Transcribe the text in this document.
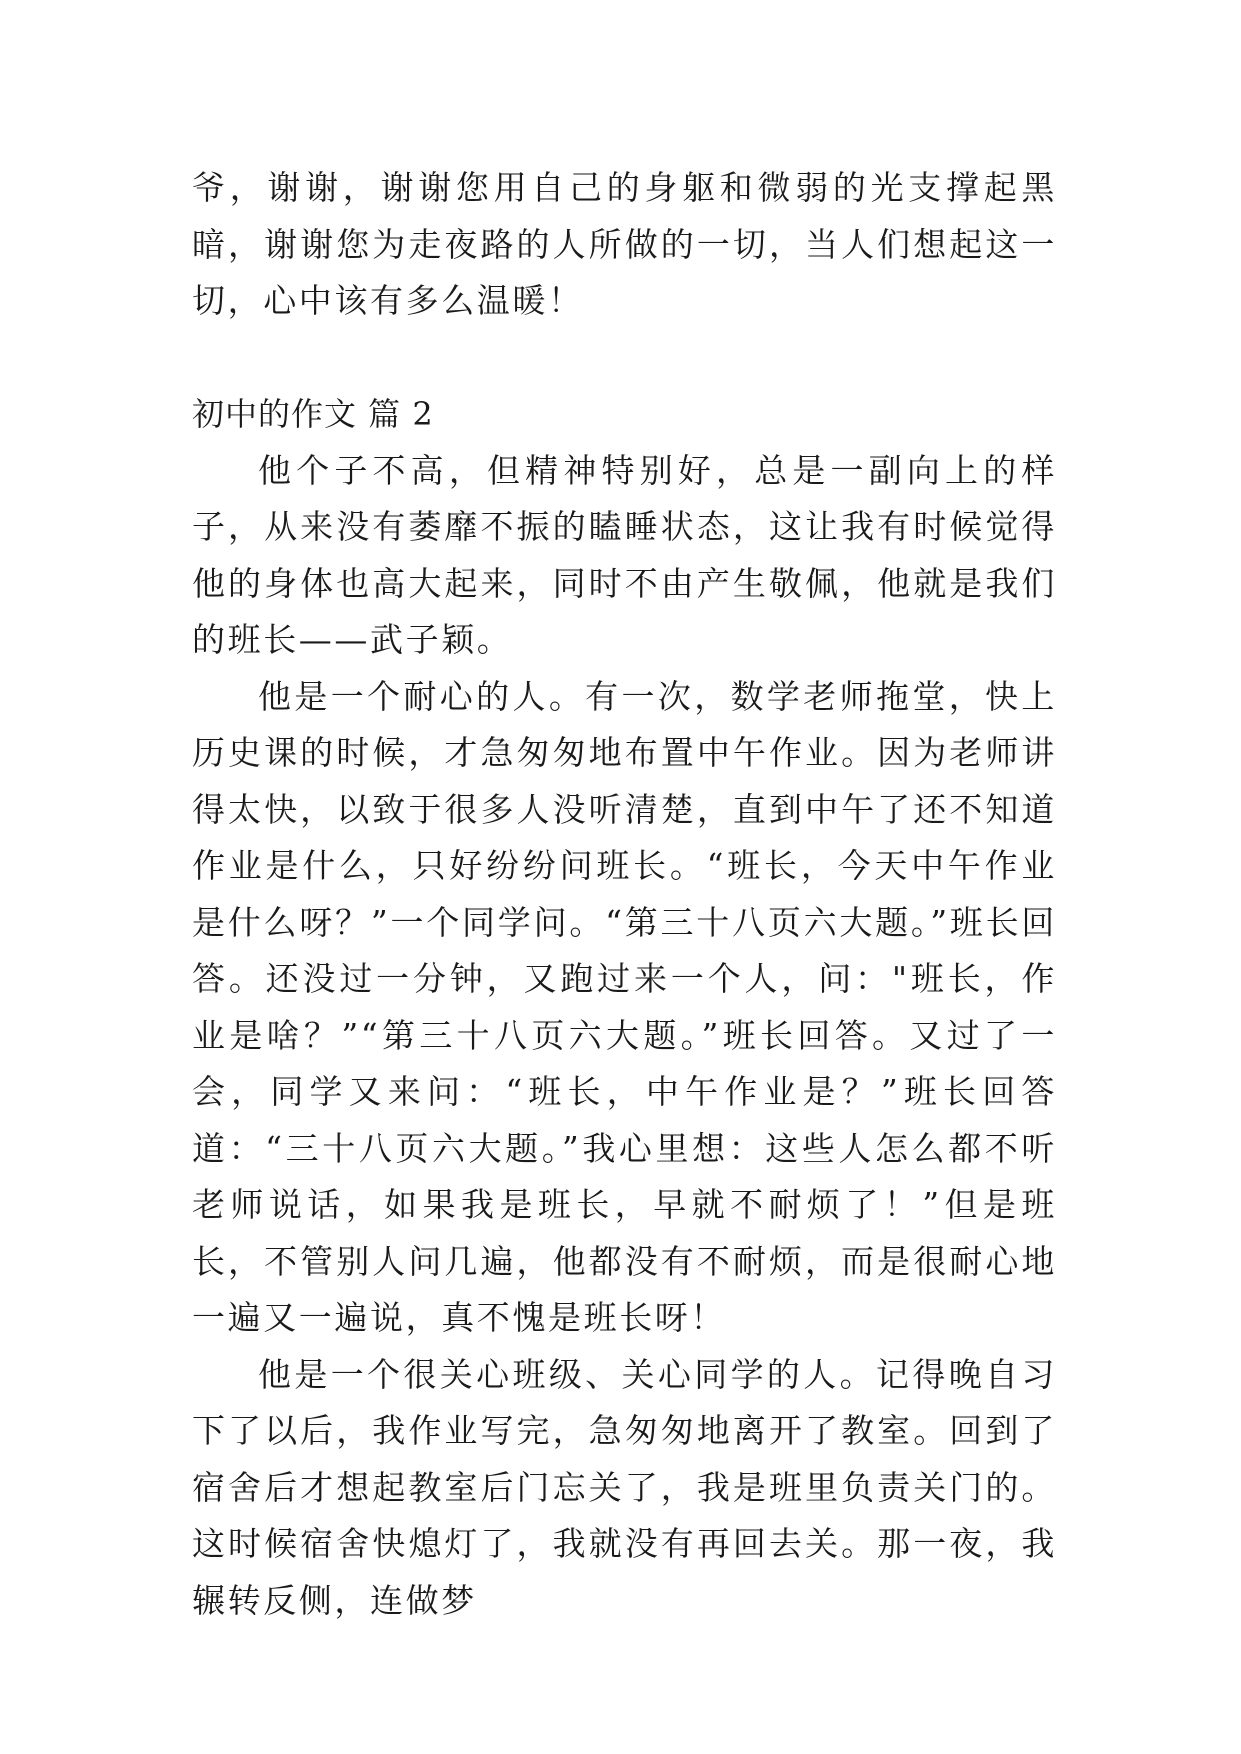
爷，谢谢，谢谢您用自己的身躯和微弱的光支撑起黑暗，谢谢您为走夜路的人所做的一切，当人们想起这一切，心中该有多么温暖！

初中的作文 篇 2

他个子不高，但精神特别好，总是一副向上的样子，从来没有萎靡不振的瞌睡状态，这让我有时候觉得他的身体也高大起来，同时不由产生敬佩，他就是我们的班长——武子颖。

他是一个耐心的人。有一次，数学老师拖堂，快上历史课的时候，才急匆匆地布置中午作业。因为老师讲得太快，以致于很多人没听清楚，直到中午了还不知道作业是什么，只好纷纷问班长。“班长，今天中午作业是什么呀？”一个同学问。“第三十八页六大题。”班长回答。还没过一分钟，又跑过来一个人，问："班长，作业是啥？”“第三十八页六大题。”班长回答。又过了一会，同学又来问：“班长，中午作业是？”班长回答道：“三十八页六大题。”我心里想：这些人怎么都不听老师说话，如果我是班长，早就不耐烦了！”但是班长，不管别人问几遍，他都没有不耐烦，而是很耐心地一遍又一遍说，真不愧是班长呀！

他是一个很关心班级、关心同学的人。记得晚自习下了以后，我作业写完，急匆匆地离开了教室。回到了宿舍后才想起教室后门忘关了，我是班里负责关门的。这时候宿舍快熄灯了，我就没有再回去关。那一夜，我辗转反侧，连做梦
